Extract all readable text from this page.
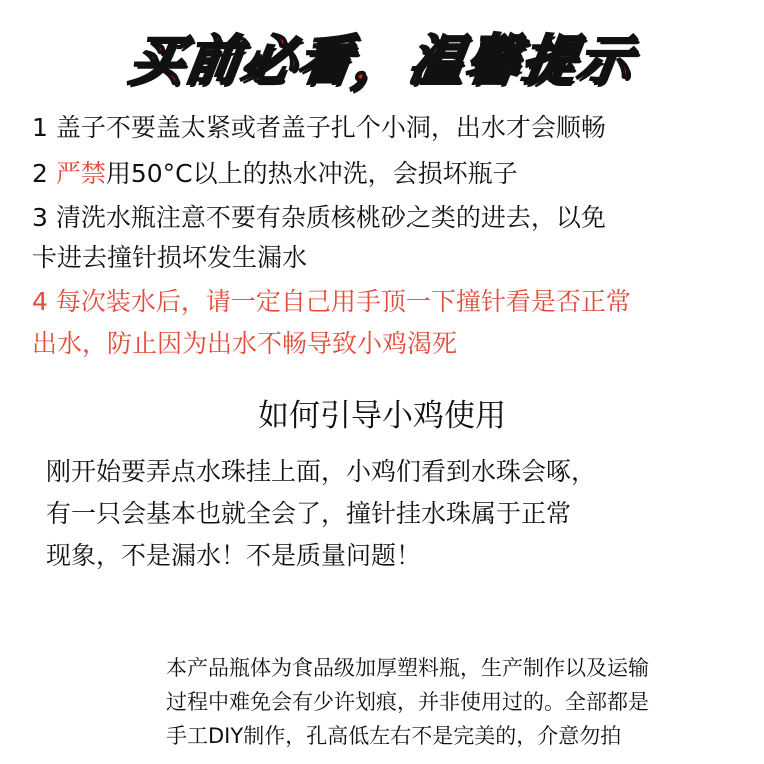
买前必看，温馨提示
1 盖子不要盖太紧或者盖子扎个小洞，出水才会顺畅
2 严禁用50°C以上的热水冲洗，会损坏瓶子
3 清洗水瓶注意不要有杂质核桃砂之类的进去，以免
卡进去撞针损坏发生漏水
4 每次装水后，请一定自己用手顶一下撞针看是否正常
出水，防止因为出水不畅导致小鸡渴死
如何引导小鸡使用
刚开始要弄点水珠挂上面，小鸡们看到水珠会啄，
有一只会基本也就全会了，撞针挂水珠属于正常
现象，不是漏水！不是质量问题！
本产品瓶体为食品级加厚塑料瓶，生产制作以及运输
过程中难免会有少许划痕，并非使用过的。全部都是
手工DIY制作，孔高低左右不是完美的，介意勿拍
